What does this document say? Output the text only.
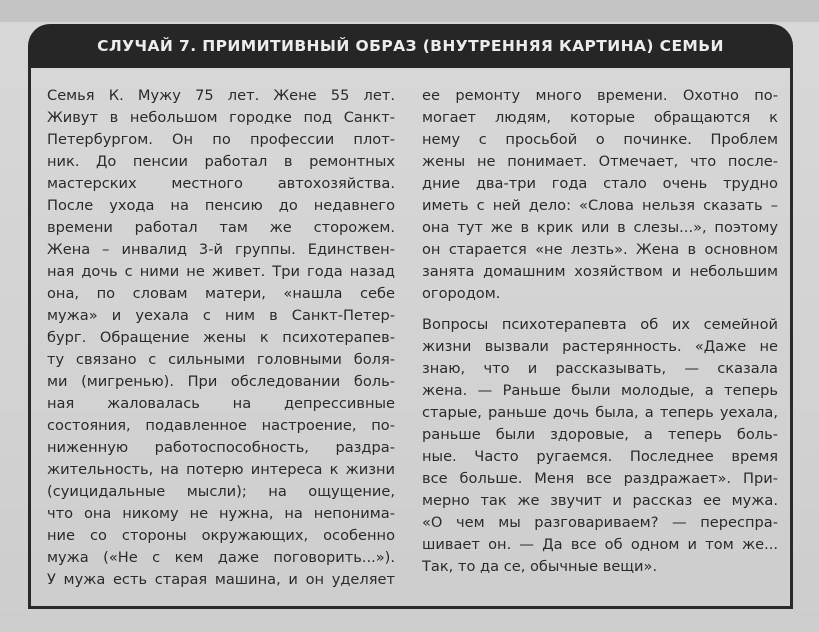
СЛУЧАЙ 7. ПРИМИТИВНЫЙ ОБРАЗ (ВНУТРЕННЯЯ КАРТИНА) СЕМЬИ
Семья К. Мужу 75 лет. Жене 55 лет.
Живут в небольшом городке под Санкт-
Петербургом. Он по профессии плот-
ник. До пенсии работал в ремонтных
мастерских местного автохозяйства.
После ухода на пенсию до недавнего
времени работал там же сторожем.
Жена – инвалид 3-й группы. Единствен-
ная дочь с ними не живет. Три года назад
она, по словам матери, «нашла себе
мужа» и уехала с ним в Санкт-Петер-
бург. Обращение жены к психотерапев-
ту связано с сильными головными боля-
ми (мигренью). При обследовании боль-
ная жаловалась на депрессивные
состояния, подавленное настроение, по-
ниженную работоспособность, раздра-
жительность, на потерю интереса к жизни
(суицидальные мысли); на ощущение,
что она никому не нужна, на непонима-
ние со стороны окружающих, особенно
мужа («Не с кем даже поговорить...»).
У мужа есть старая машина, и он уделяет
ее ремонту много времени. Охотно по-
могает людям, которые обращаются к
нему с просьбой о починке. Проблем
жены не понимает. Отмечает, что после-
дние два-три года стало очень трудно
иметь с ней дело: «Слова нельзя сказать –
она тут же в крик или в слезы...», поэтому
он старается «не лезть». Жена в основном
занята домашним хозяйством и небольшим
огородом.
Вопросы психотерапевта об их семейной
жизни вызвали растерянность. «Даже не
знаю, что и рассказывать, — сказала
жена. — Раньше были молодые, а теперь
старые, раньше дочь была, а теперь уехала,
раньше были здоровые, а теперь боль-
ные. Часто ругаемся. Последнее время
все больше. Меня все раздражает». При-
мерно так же звучит и рассказ ее мужа.
«О чем мы разговариваем? — переспра-
шивает он. — Да все об одном и том же...
Так, то да се, обычные вещи».
